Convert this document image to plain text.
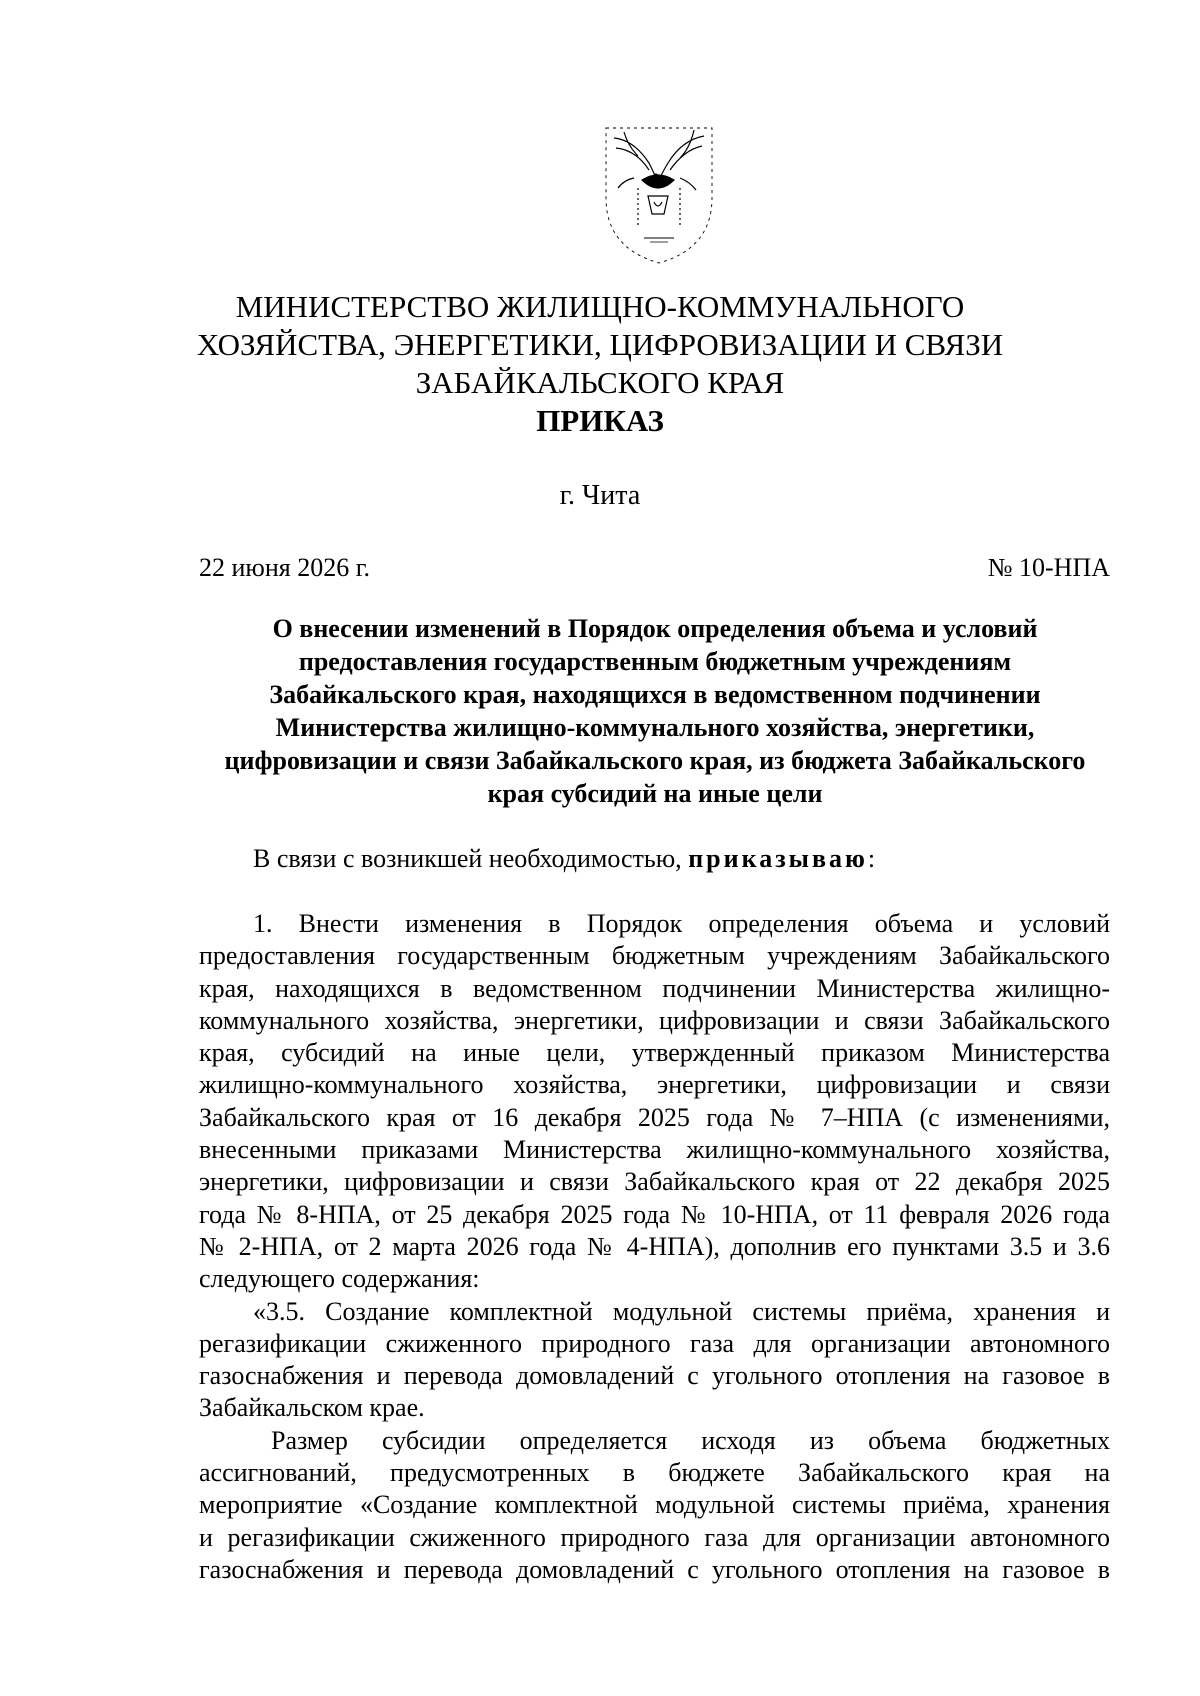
МИНИСТЕРСТВО ЖИЛИЩНО-КОММУНАЛЬНОГО
ХОЗЯЙСТВА, ЭНЕРГЕТИКИ, ЦИФРОВИЗАЦИИ И СВЯЗИ
ЗАБАЙКАЛЬСКОГО КРАЯ
ПРИКАЗ
г. Чита
22 июня 2026 г.	№ 10-НПА
О внесении изменений в Порядок определения объема и условий
предоставления государственным бюджетным учреждениям
Забайкальского края, находящихся в ведомственном подчинении
Министерства жилищно-коммунального хозяйства, энергетики,
цифровизации и связи Забайкальского края, из бюджета Забайкальского
края субсидий на иные цели
В связи с возникшей необходимостью, приказываю:
1. Внести изменения в Порядок определения объема и условий
предоставления государственным бюджетным учреждениям Забайкальского
края, находящихся в ведомственном подчинении Министерства жилищно-
коммунального хозяйства, энергетики, цифровизации и связи Забайкальского
края, субсидий на иные цели, утвержденный приказом Министерства
жилищно-коммунального хозяйства, энергетики, цифровизации и связи
Забайкальского края от 16 декабря 2025 года № 7–НПА (с изменениями,
внесенными приказами Министерства жилищно-коммунального хозяйства,
энергетики, цифровизации и связи Забайкальского края от 22 декабря 2025
года № 8-НПА, от 25 декабря 2025 года № 10-НПА, от 11 февраля 2026 года
№ 2-НПА, от 2 марта 2026 года № 4-НПА), дополнив его пунктами 3.5 и 3.6
следующего содержания:
«3.5. Создание комплектной модульной системы приёма, хранения и
регазификации сжиженного природного газа для организации автономного
газоснабжения и перевода домовладений с угольного отопления на газовое в
Забайкальском крае.
Размер субсидии определяется исходя из объема бюджетных
ассигнований, предусмотренных в бюджете Забайкальского края на
мероприятие «Создание комплектной модульной системы приёма, хранения
и регазификации сжиженного природного газа для организации автономного
газоснабжения и перевода домовладений с угольного отопления на газовое в
